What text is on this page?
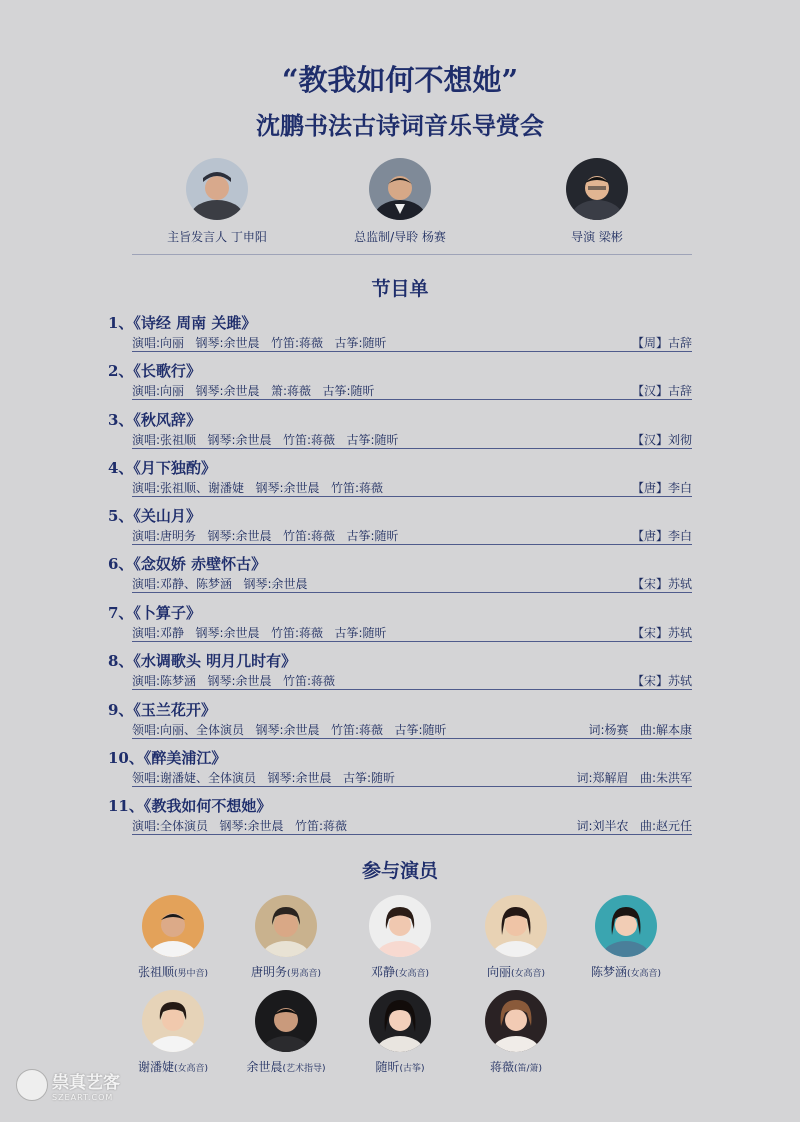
“教我如何不想她”
沈鹏书法古诗词音乐导赏会
主旨发言人 丁申阳	总监制/导聆 杨赛	导演 梁彬
节目单
1、《诗经 周南 关雎》
演唱:向丽   钢琴:余世晨   竹笛:蒋薇   古筝:随昕	【周】古辞
2、《长歌行》
演唱:向丽   钢琴:余世晨   箫:蒋薇   古筝:随昕	【汉】古辞
3、《秋风辞》
演唱:张祖顺   钢琴:余世晨   竹笛:蒋薇   古筝:随昕	【汉】刘彻
4、《月下独酌》
演唱:张祖顺、谢潘婕   钢琴:余世晨   竹笛:蒋薇	【唐】李白
5、《关山月》
演唱:唐明务   钢琴:余世晨   竹笛:蒋薇   古筝:随昕	【唐】李白
6、《念奴娇 赤壁怀古》
演唱:邓静、陈梦涵   钢琴:余世晨	【宋】苏轼
7、《卜算子》
演唱:邓静   钢琴:余世晨   竹笛:蒋薇   古筝:随昕	【宋】苏轼
8、《水调歌头 明月几时有》
演唱:陈梦涵   钢琴:余世晨   竹笛:蒋薇	【宋】苏轼
9、《玉兰花开》
领唱:向丽、全体演员   钢琴:余世晨   竹笛:蒋薇   古筝:随昕	词:杨赛   曲:解本康
10、《醉美浦江》
领唱:谢潘婕、全体演员   钢琴:余世晨   古筝:随昕	词:郑解眉   曲:朱洪军
11、《教我如何不想她》
演唱:全体演员   钢琴:余世晨   竹笛:蒋薇	词:刘半农   曲:赵元任
参与演员
张祖顺(男中音)	唐明务(男高音)	邓静(女高音)	向丽(女高音)	陈梦涵(女高音)
谢潘婕(女高音)	余世晨(艺术指导)	随昕(古筝)	蒋薇(笛/箫)
祟真艺客
SZEART.COM
